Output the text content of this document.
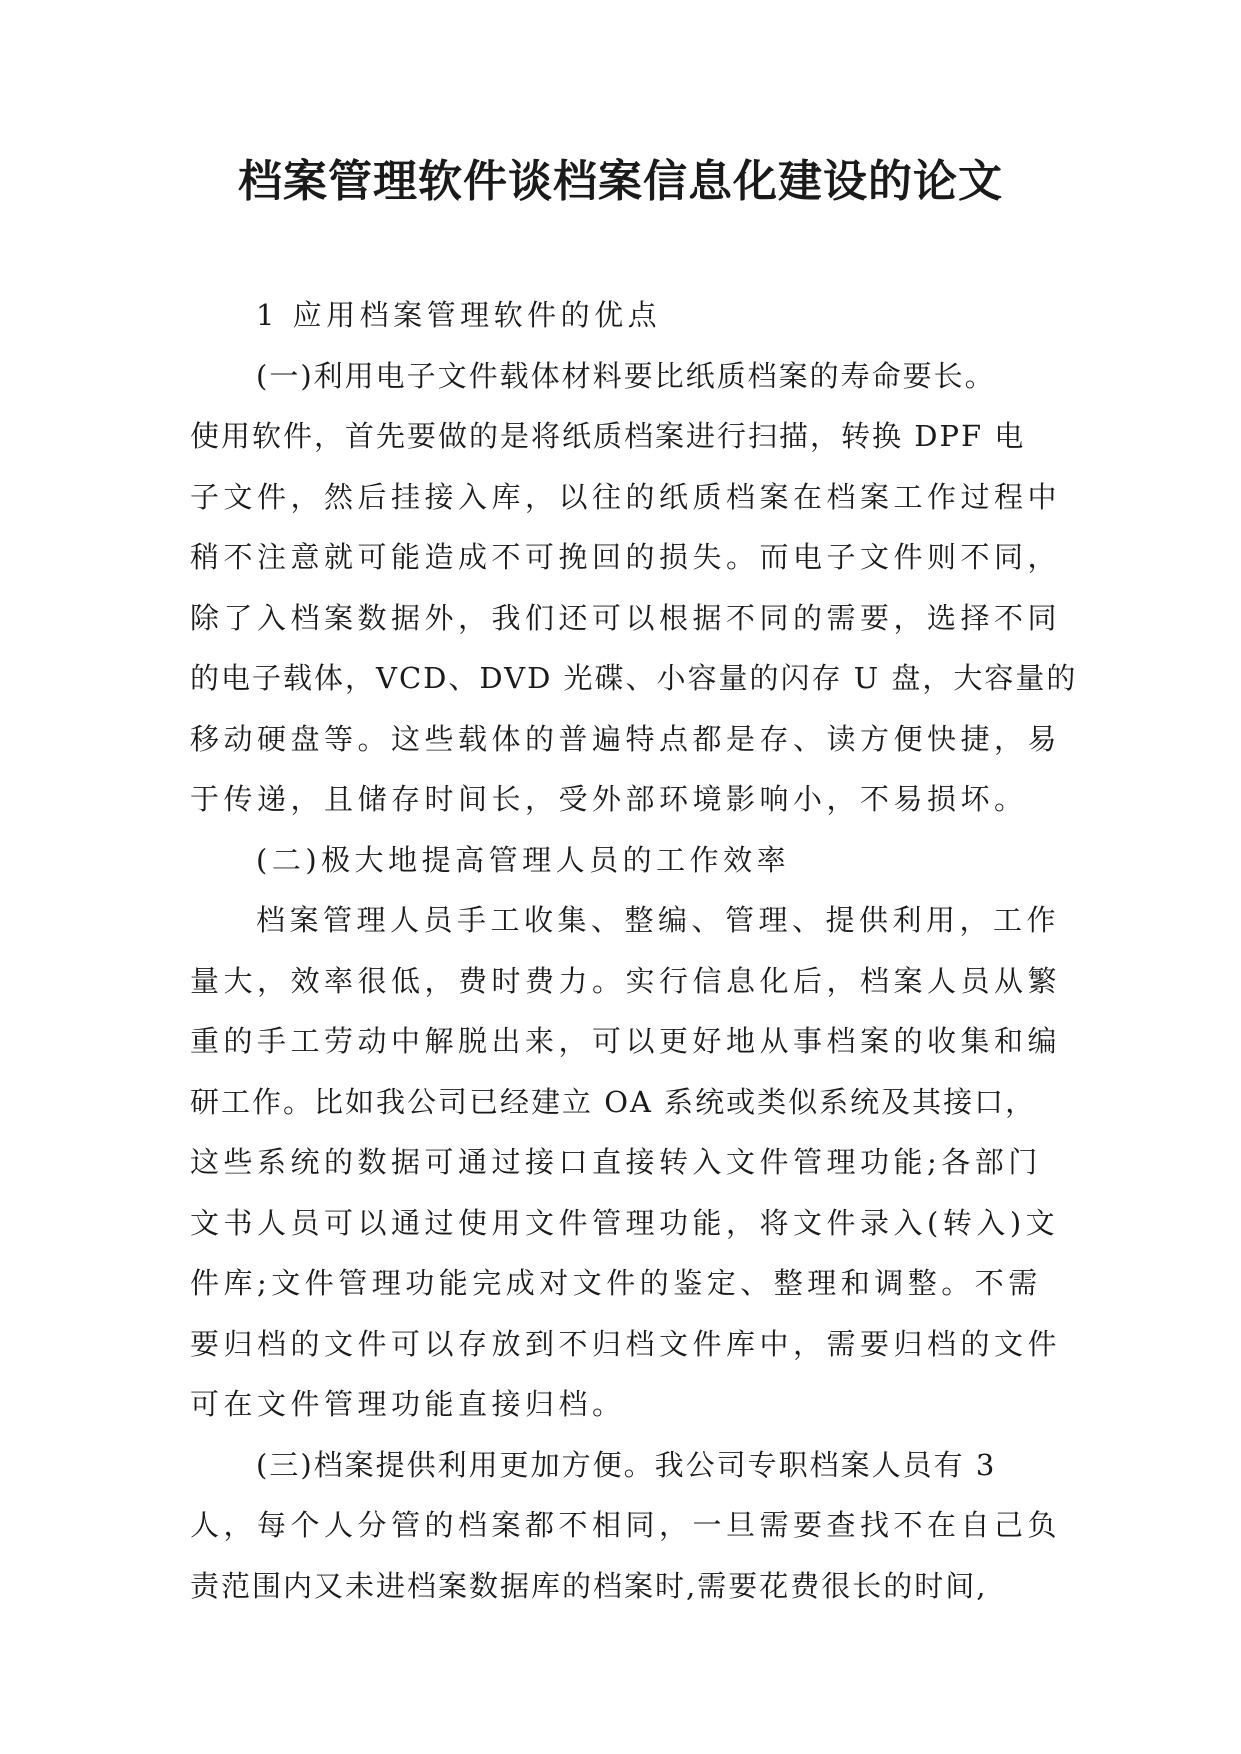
档案管理软件谈档案信息化建设的论文

1 应用档案管理软件的优点

(一)利用电子文件载体材料要比纸质档案的寿命要长。

使用软件，首先要做的是将纸质档案进行扫描，转换 DPF 电

子文件，然后挂接入库，以往的纸质档案在档案工作过程中

稍不注意就可能造成不可挽回的损失。而电子文件则不同，

除了入档案数据外，我们还可以根据不同的需要，选择不同

的电子载体，VCD、DVD 光碟、小容量的闪存 U 盘，大容量的

移动硬盘等。这些载体的普遍特点都是存、读方便快捷，易

于传递，且储存时间长，受外部环境影响小，不易损坏。

(二)极大地提高管理人员的工作效率

档案管理人员手工收集、整编、管理、提供利用，工作

量大，效率很低，费时费力。实行信息化后，档案人员从繁

重的手工劳动中解脱出来，可以更好地从事档案的收集和编

研工作。比如我公司已经建立 OA 系统或类似系统及其接口，

这些系统的数据可通过接口直接转入文件管理功能;各部门

文书人员可以通过使用文件管理功能，将文件录入(转入)文

件库;文件管理功能完成对文件的鉴定、整理和调整。不需

要归档的文件可以存放到不归档文件库中，需要归档的文件

可在文件管理功能直接归档。

(三)档案提供利用更加方便。我公司专职档案人员有 3

人，每个人分管的档案都不相同，一旦需要查找不在自己负

责范围内又未进档案数据库的档案时,需要花费很长的时间,
